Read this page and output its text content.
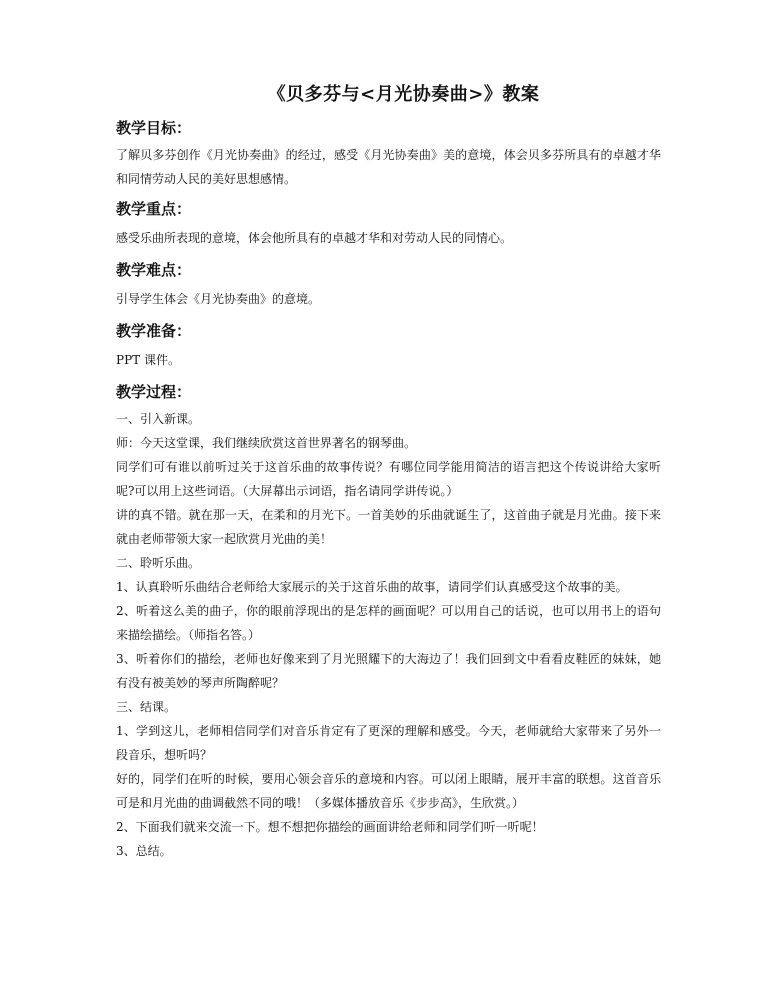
《贝多芬与<月光协奏曲>》教案
教学目标：

了解贝多芬创作《月光协奏曲》的经过，感受《月光协奏曲》美的意境，体会贝多芬所具有的卓越才华和同情劳动人民的美好思想感情。

教学重点：

感受乐曲所表现的意境，体会他所具有的卓越才华和对劳动人民的同情心。

教学难点：

引导学生体会《月光协奏曲》的意境。

教学准备：

PPT 课件。

教学过程：

一、引入新课。

师：今天这堂课，我们继续欣赏这首世界著名的钢琴曲。

同学们可有谁以前听过关于这首乐曲的故事传说？有哪位同学能用简洁的语言把这个传说讲给大家听呢?可以用上这些词语。（大屏幕出示词语，指名请同学讲传说。）

讲的真不错。就在那一天，在柔和的月光下。一首美妙的乐曲就诞生了，这首曲子就是月光曲。接下来就由老师带领大家一起欣赏月光曲的美！

二、聆听乐曲。

1、认真聆听乐曲结合老师给大家展示的关于这首乐曲的故事，请同学们认真感受这个故事的美。

2、听着这么美的曲子，你的眼前浮现出的是怎样的画面呢？可以用自己的话说，也可以用书上的语句来描绘描绘。（师指名答。）

3、听着你们的描绘，老师也好像来到了月光照耀下的大海边了！我们回到文中看看皮鞋匠的妹妹，她有没有被美妙的琴声所陶醉呢？

三、结课。

1、学到这儿，老师相信同学们对音乐肯定有了更深的理解和感受。今天，老师就给大家带来了另外一段音乐，想听吗？

好的，同学们在听的时候，要用心领会音乐的意境和内容。可以闭上眼睛，展开丰富的联想。这首音乐可是和月光曲的曲调截然不同的哦！（多媒体播放音乐《步步高》，生欣赏。）

2、下面我们就来交流一下。想不想把你描绘的画面讲给老师和同学们听一听呢！

3、总结。
